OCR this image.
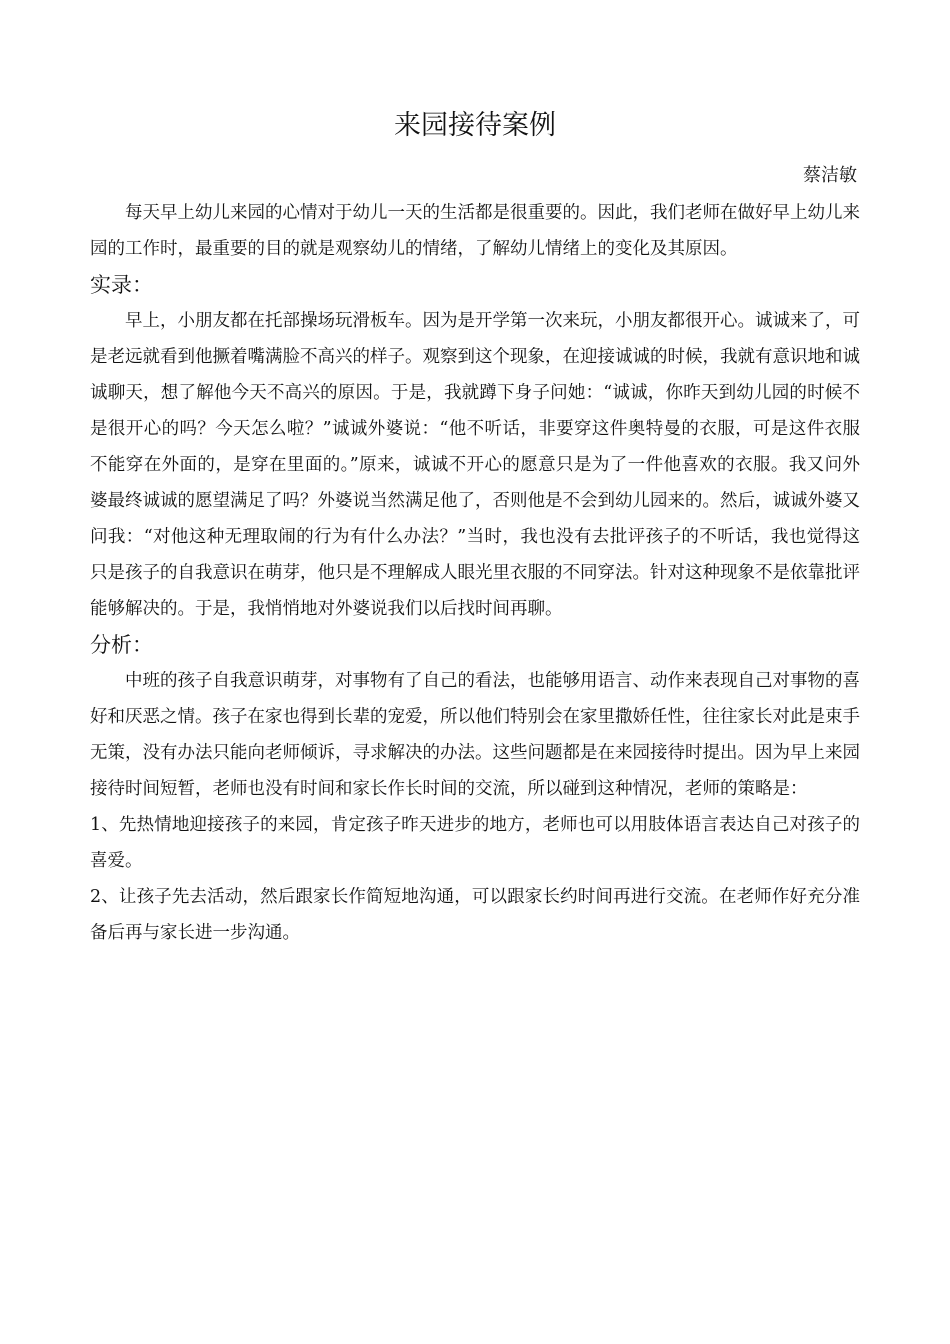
来园接待案例

蔡洁敏

每天早上幼儿来园的心情对于幼儿一天的生活都是很重要的。因此，我们老师在做好早上幼儿来园的工作时，最重要的目的就是观察幼儿的情绪，了解幼儿情绪上的变化及其原因。

实录：

早上，小朋友都在托部操场玩滑板车。因为是开学第一次来玩，小朋友都很开心。诚诚来了，可是老远就看到他撅着嘴满脸不高兴的样子。观察到这个现象，在迎接诚诚的时候，我就有意识地和诚诚聊天，想了解他今天不高兴的原因。于是，我就蹲下身子问她：“诚诚，你昨天到幼儿园的时候不是很开心的吗？今天怎么啦？”诚诚外婆说：“他不听话，非要穿这件奥特曼的衣服，可是这件衣服不能穿在外面的，是穿在里面的。”原来，诚诚不开心的愿意只是为了一件他喜欢的衣服。我又问外婆最终诚诚的愿望满足了吗？外婆说当然满足他了，否则他是不会到幼儿园来的。然后，诚诚外婆又问我：“对他这种无理取闹的行为有什么办法？”当时，我也没有去批评孩子的不听话，我也觉得这只是孩子的自我意识在萌芽，他只是不理解成人眼光里衣服的不同穿法。针对这种现象不是依靠批评能够解决的。于是，我悄悄地对外婆说我们以后找时间再聊。

分析：

中班的孩子自我意识萌芽，对事物有了自己的看法，也能够用语言、动作来表现自己对事物的喜好和厌恶之情。孩子在家也得到长辈的宠爱，所以他们特别会在家里撒娇任性，往往家长对此是束手无策，没有办法只能向老师倾诉，寻求解决的办法。这些问题都是在来园接待时提出。因为早上来园接待时间短暂，老师也没有时间和家长作长时间的交流，所以碰到这种情况，老师的策略是：

1、先热情地迎接孩子的来园，肯定孩子昨天进步的地方，老师也可以用肢体语言表达自己对孩子的喜爱。

2、让孩子先去活动，然后跟家长作简短地沟通，可以跟家长约时间再进行交流。在老师作好充分准备后再与家长进一步沟通。
